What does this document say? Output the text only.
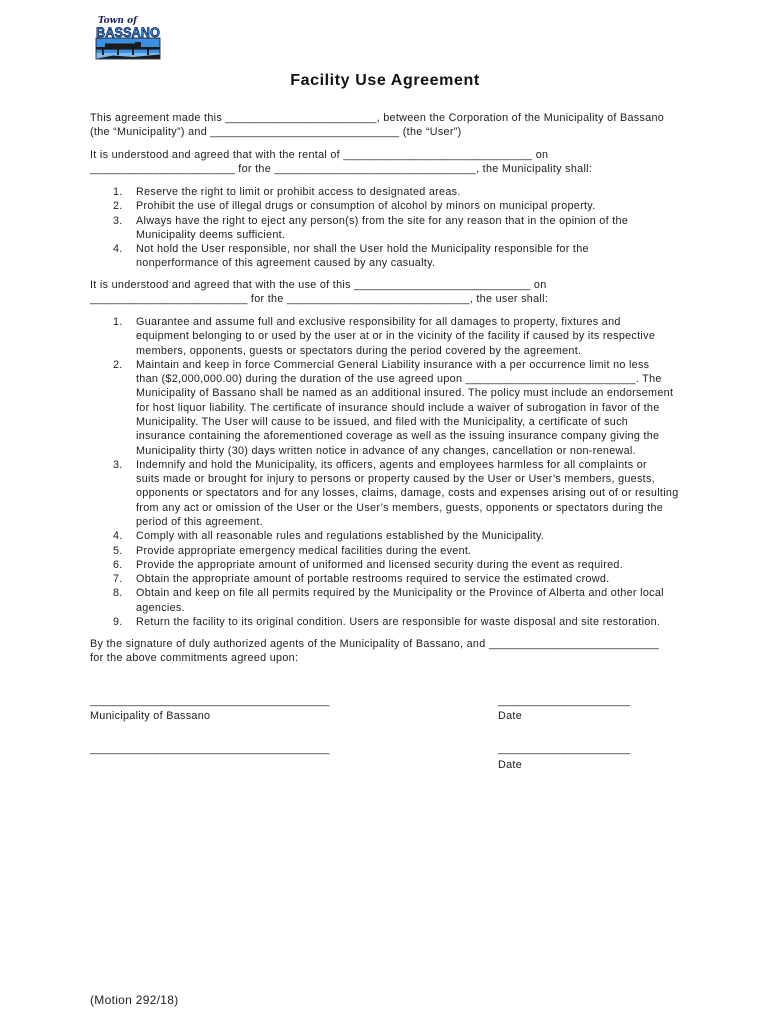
Town of
BASSANO
Facility Use Agreement
This agreement made this ________________________, between the Corporation of the Municipality of Bassano
(the “Municipality”) and ______________________________ (the “User”)
It is understood and agreed that with the rental of ______________________________ on
_______________________ for the ________________________________, the Municipality shall:
1.	Reserve the right to limit or prohibit access to designated areas.
2.	Prohibit the use of illegal drugs or consumption of alcohol by minors on municipal property.
3.	Always have the right to eject any person(s) from the site for any reason that in the opinion of the
Municipality deems sufficient.
4.	Not hold the User responsible, nor shall the User hold the Municipality responsible for the
nonperformance of this agreement caused by any casualty.
It is understood and agreed that with the use of this ____________________________ on
_________________________ for the _____________________________, the user shall:
1.	Guarantee and assume full and exclusive responsibility for all damages to property, fixtures and
equipment belonging to or used by the user at or in the vicinity of the facility if caused by its respective
members, opponents, guests or spectators during the period covered by the agreement.
2.	Maintain and keep in force Commercial General Liability insurance with a per occurrence limit no less
than ($2,000,000.00) during the duration of the use agreed upon ___________________________. The
Municipality of Bassano shall be named as an additional insured. The policy must include an endorsement
for host liquor liability. The certificate of insurance should include a waiver of subrogation in favor of the
Municipality. The User will cause to be issued, and filed with the Municipality, a certificate of such
insurance containing the aforementioned coverage as well as the issuing insurance company giving the
Municipality thirty (30) days written notice in advance of any changes, cancellation or non-renewal.
3.	Indemnify and hold the Municipality, its officers, agents and employees harmless for all complaints or
suits made or brought for injury to persons or property caused by the User or User’s members, guests,
opponents or spectators and for any losses, claims, damage, costs and expenses arising out of or resulting
from any act or omission of the User or the User’s members, guests, opponents or spectators during the
period of this agreement.
4.	Comply with all reasonable rules and regulations established by the Municipality.
5.	Provide appropriate emergency medical facilities during the event.
6.	Provide the appropriate amount of uniformed and licensed security during the event as required.
7.	Obtain the appropriate amount of portable restrooms required to service the estimated crowd.
8.	Obtain and keep on file all permits required by the Municipality or the Province of Alberta and other local
agencies.
9.	Return the facility to its original condition. Users are responsible for waste disposal and site restoration.
By the signature of duly authorized agents of the Municipality of Bassano, and ___________________________
for the above commitments agreed upon:
______________________________________
Municipality of Bassano
_____________________
Date
______________________________________	_____________________
Date
(Motion 292/18)
